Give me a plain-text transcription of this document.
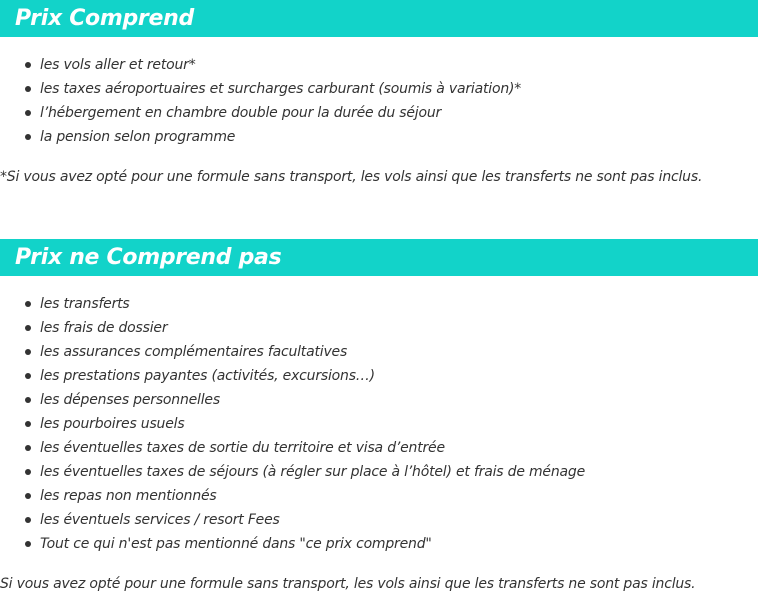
Prix Comprend
les vols aller et retour*
les taxes aéroportuaires et surcharges carburant (soumis à variation)*
l’hébergement en chambre double pour la durée du séjour
la pension selon programme

*Si vous avez opté pour une formule sans transport, les vols ainsi que les transferts ne sont pas inclus.

Prix ne Comprend pas
les transferts
les frais de dossier
les assurances complémentaires facultatives
les prestations payantes (activités, excursions…)
les dépenses personnelles
les pourboires usuels
les éventuelles taxes de sortie du territoire et visa d’entrée
les éventuelles taxes de séjours (à régler sur place à l’hôtel) et frais de ménage
les repas non mentionnés
les éventuels services / resort Fees
Tout ce qui n'est pas mentionné dans "ce prix comprend"

Si vous avez opté pour une formule sans transport, les vols ainsi que les transferts ne sont pas inclus.
